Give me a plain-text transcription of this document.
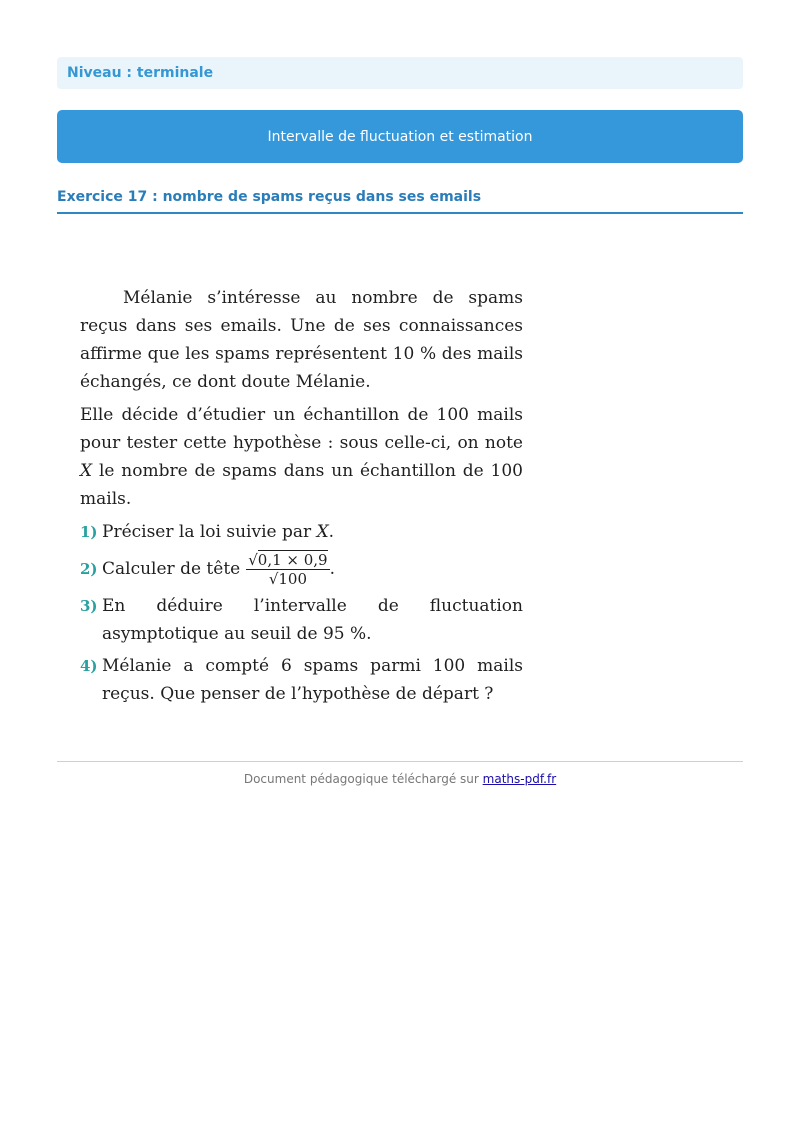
Niveau : terminale
Intervalle de fluctuation et estimation
Exercice 17 : nombre de spams reçus dans ses emails

Mélanie s’intéresse au nombre de spams reçus dans ses emails. Une de ses connaissances affirme que les spams représentent 10 % des mails échangés, ce dont doute Mélanie.

Elle décide d’étudier un échantillon de 100 mails pour tester cette hypothèse : sous celle-ci, on note X le nombre de spams dans un échantillon de 100 mails.

1) Préciser la loi suivie par X.
2) Calculer de tête $\frac{√0,1 \times 0,9}{√100}$ .
3) En déduire l’intervalle de fluctuation asymptotique au seuil de 95 %.
4) Mélanie a compté 6 spams parmi 100 mails reçus. Que penser de l’hypothèse de départ ?
Document pédagogique téléchargé sur maths-pdf.fr
